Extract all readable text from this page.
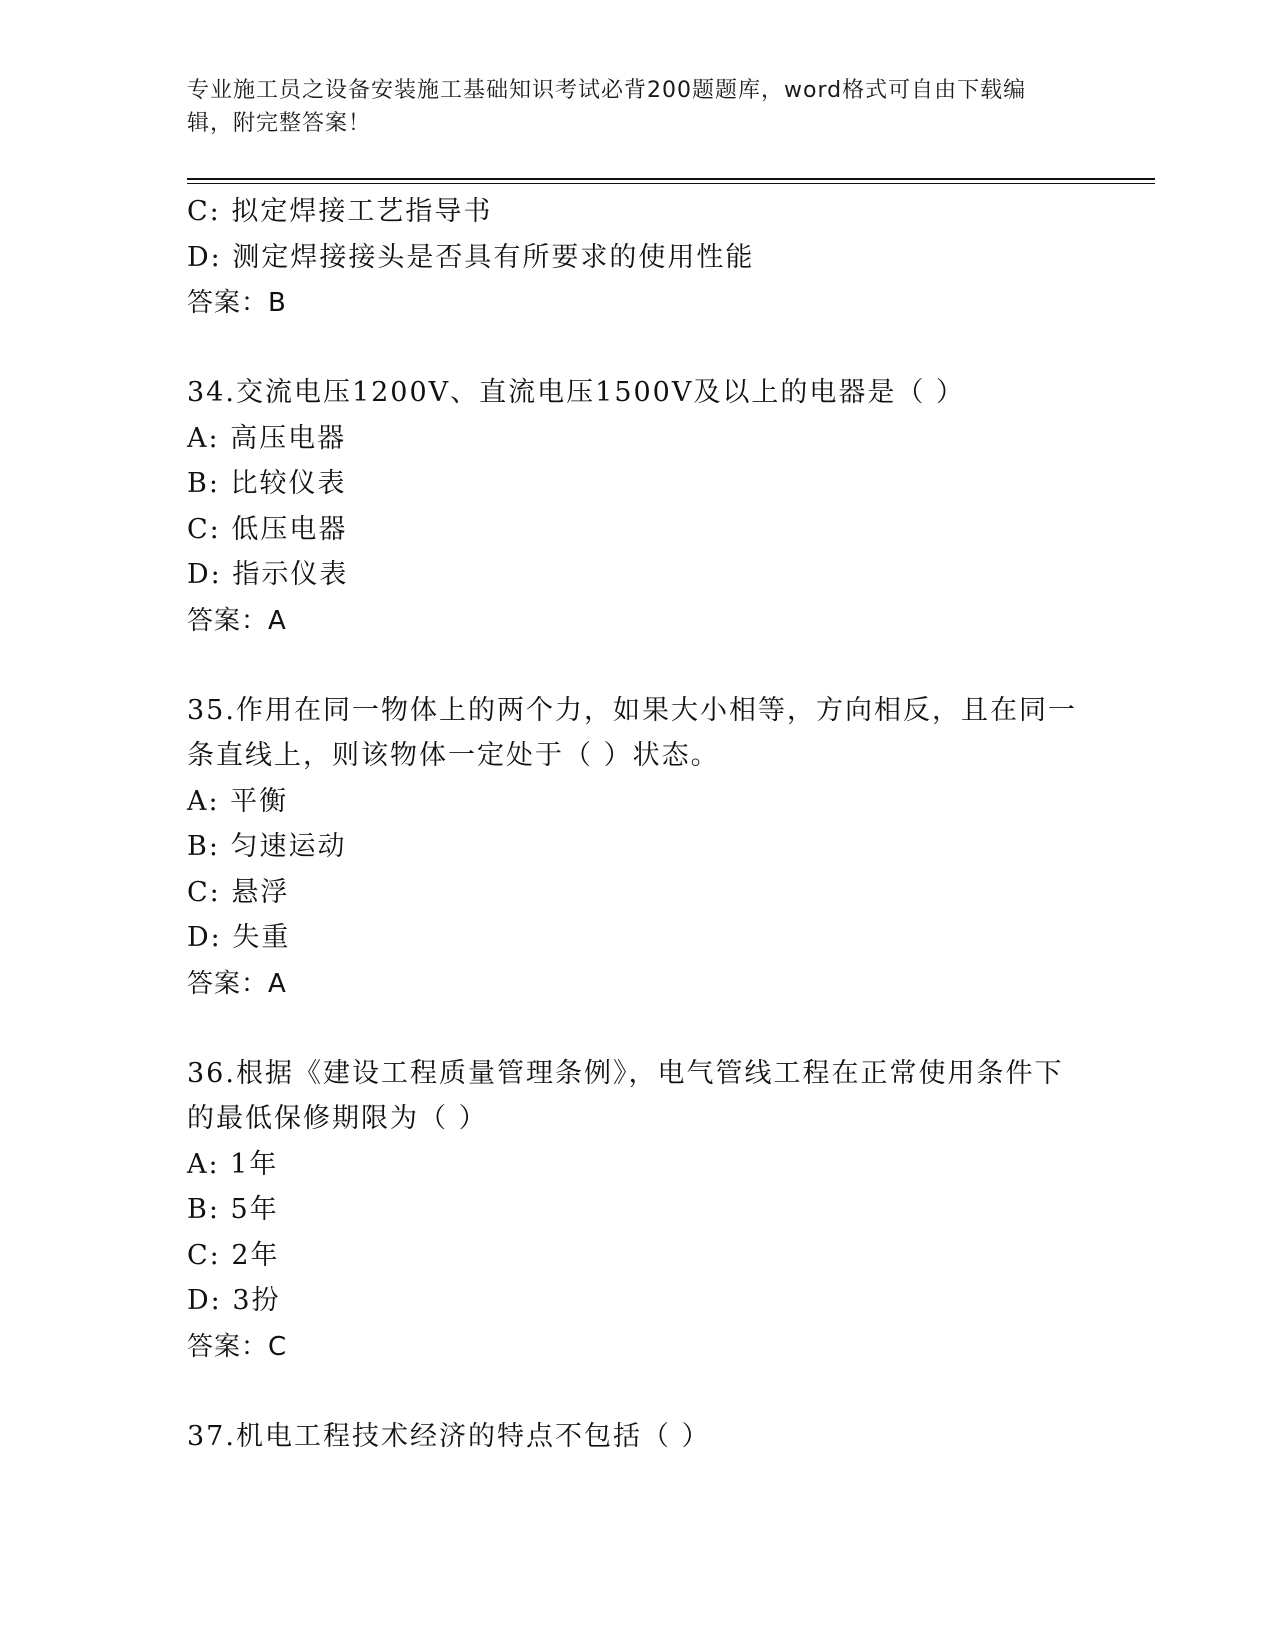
专业施工员之设备安装施工基础知识考试必背200题题库，word格式可自由下载编辑，附完整答案！
C: 拟定焊接工艺指导书
D: 测定焊接接头是否具有所要求的使用性能
答案：B
34.交流电压1200V、直流电压1500V及以上的电器是（ ）
A: 高压电器
B: 比较仪表
C: 低压电器
D: 指示仪表
答案：A
35.作用在同一物体上的两个力，如果大小相等，方向相反，且在同一条直线上，则该物体一定处于（ ）状态。
A: 平衡
B: 匀速运动
C: 悬浮
D: 失重
答案：A
36.根据《建设工程质量管理条例》，电气管线工程在正常使用条件下的最低保修期限为（ ）
A: 1年
B: 5年
C: 2年
D: 3扮
答案：C
37.机电工程技术经济的特点不包括（ ）
